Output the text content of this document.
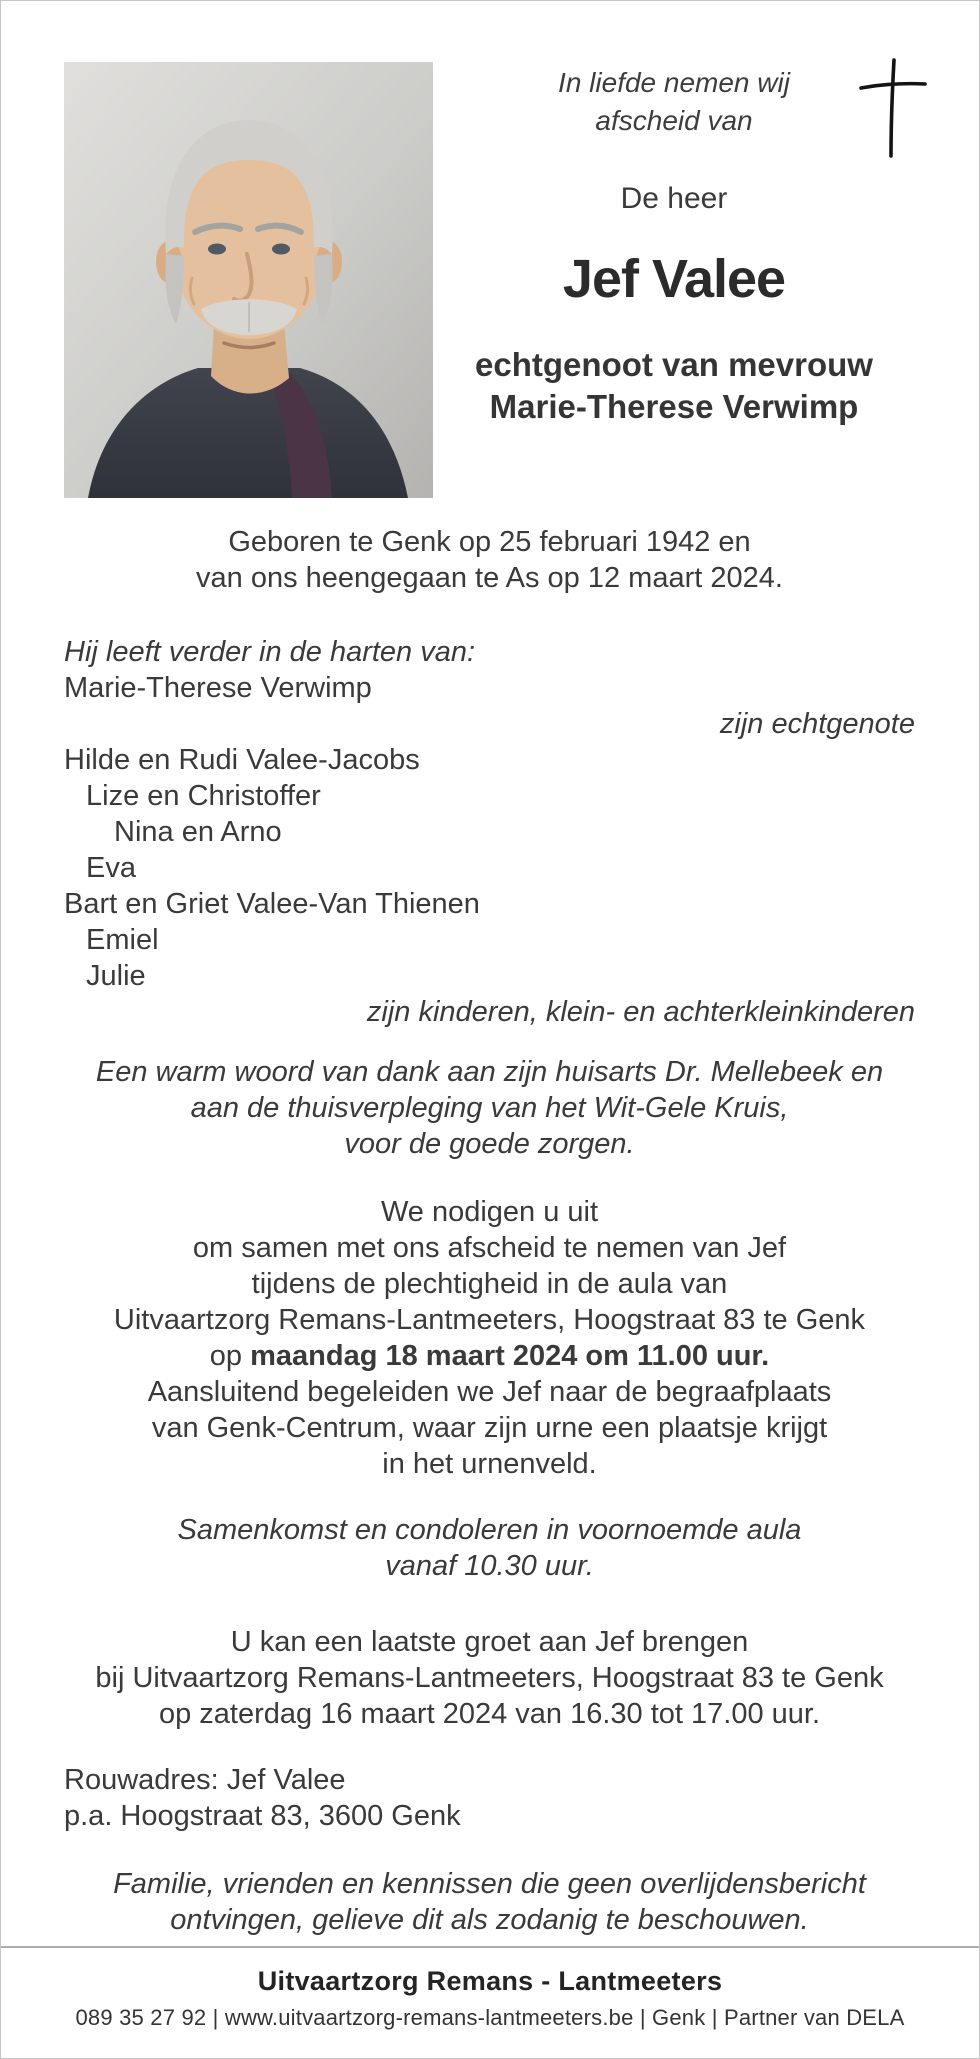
In liefde nemen wij
afscheid van
De heer
Jef Valee
echtgenoot van mevrouw
Marie-Therese Verwimp
Geboren te Genk op 25 februari 1942 en
van ons heengegaan te As op 12 maart 2024.
Hij leeft verder in de harten van:
Marie-Therese Verwimp
zijn echtgenote
Hilde en Rudi Valee-Jacobs
Lize en Christoffer
Nina en Arno
Eva
Bart en Griet Valee-Van Thienen
Emiel
Julie
zijn kinderen, klein- en achterkleinkinderen
Een warm woord van dank aan zijn huisarts Dr. Mellebeek en
aan de thuisverpleging van het Wit-Gele Kruis,
voor de goede zorgen.
We nodigen u uit
om samen met ons afscheid te nemen van Jef
tijdens de plechtigheid in de aula van
Uitvaartzorg Remans-Lantmeeters, Hoogstraat 83 te Genk
op maandag 18 maart 2024 om 11.00 uur.
Aansluitend begeleiden we Jef naar de begraafplaats
van Genk-Centrum, waar zijn urne een plaatsje krijgt
in het urnenveld.
Samenkomst en condoleren in voornoemde aula
vanaf 10.30 uur.
U kan een laatste groet aan Jef brengen
bij Uitvaartzorg Remans-Lantmeeters, Hoogstraat 83 te Genk
op zaterdag 16 maart 2024 van 16.30 tot 17.00 uur.
Rouwadres: Jef Valee
p.a. Hoogstraat 83, 3600 Genk
Familie, vrienden en kennissen die geen overlijdensbericht
ontvingen, gelieve dit als zodanig te beschouwen.
Uitvaartzorg Remans - Lantmeeters
089 35 27 92 | www.uitvaartzorg-remans-lantmeeters.be | Genk | Partner van DELA
